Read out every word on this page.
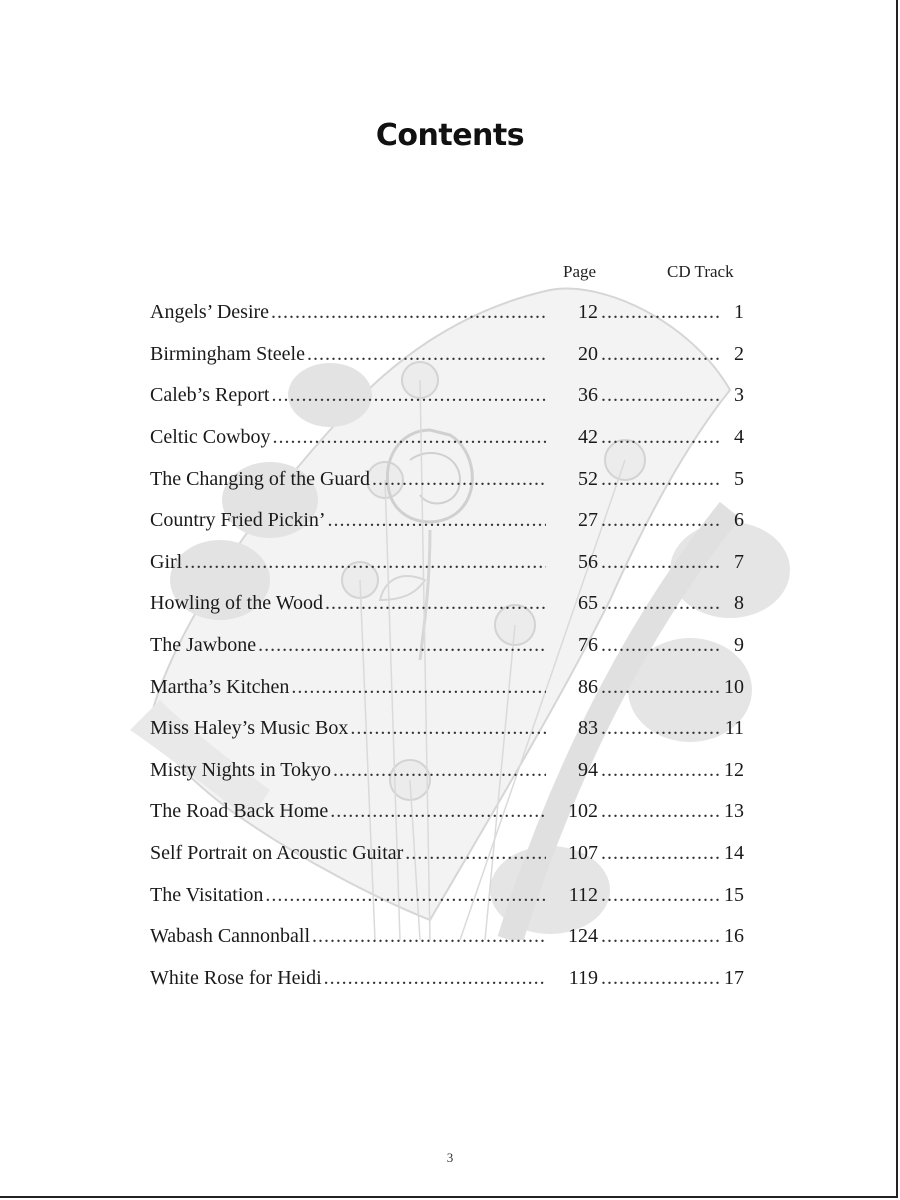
Contents
Page	CD Track
Angels’ Desire .....	12 .....	1
Birmingham Steele .....	20 .....	2
Caleb’s Report .....	36 .....	3
Celtic Cowboy .....	42 .....	4
The Changing of the Guard .....	52 .....	5
Country Fried Pickin’ .....	27 .....	6
Girl .....	56 .....	7
Howling of the Wood .....	65 .....	8
The Jawbone .....	76 .....	9
Martha’s Kitchen .....	86 .....	10
Miss Haley’s Music Box .....	83 .....	11
Misty Nights in Tokyo .....	94 .....	12
The Road Back Home .....	102 .....	13
Self Portrait on Acoustic Guitar .....	107 .....	14
The Visitation .....	112 .....	15
Wabash Cannonball .....	124 .....	16
White Rose for Heidi .....	119 .....	17
3
